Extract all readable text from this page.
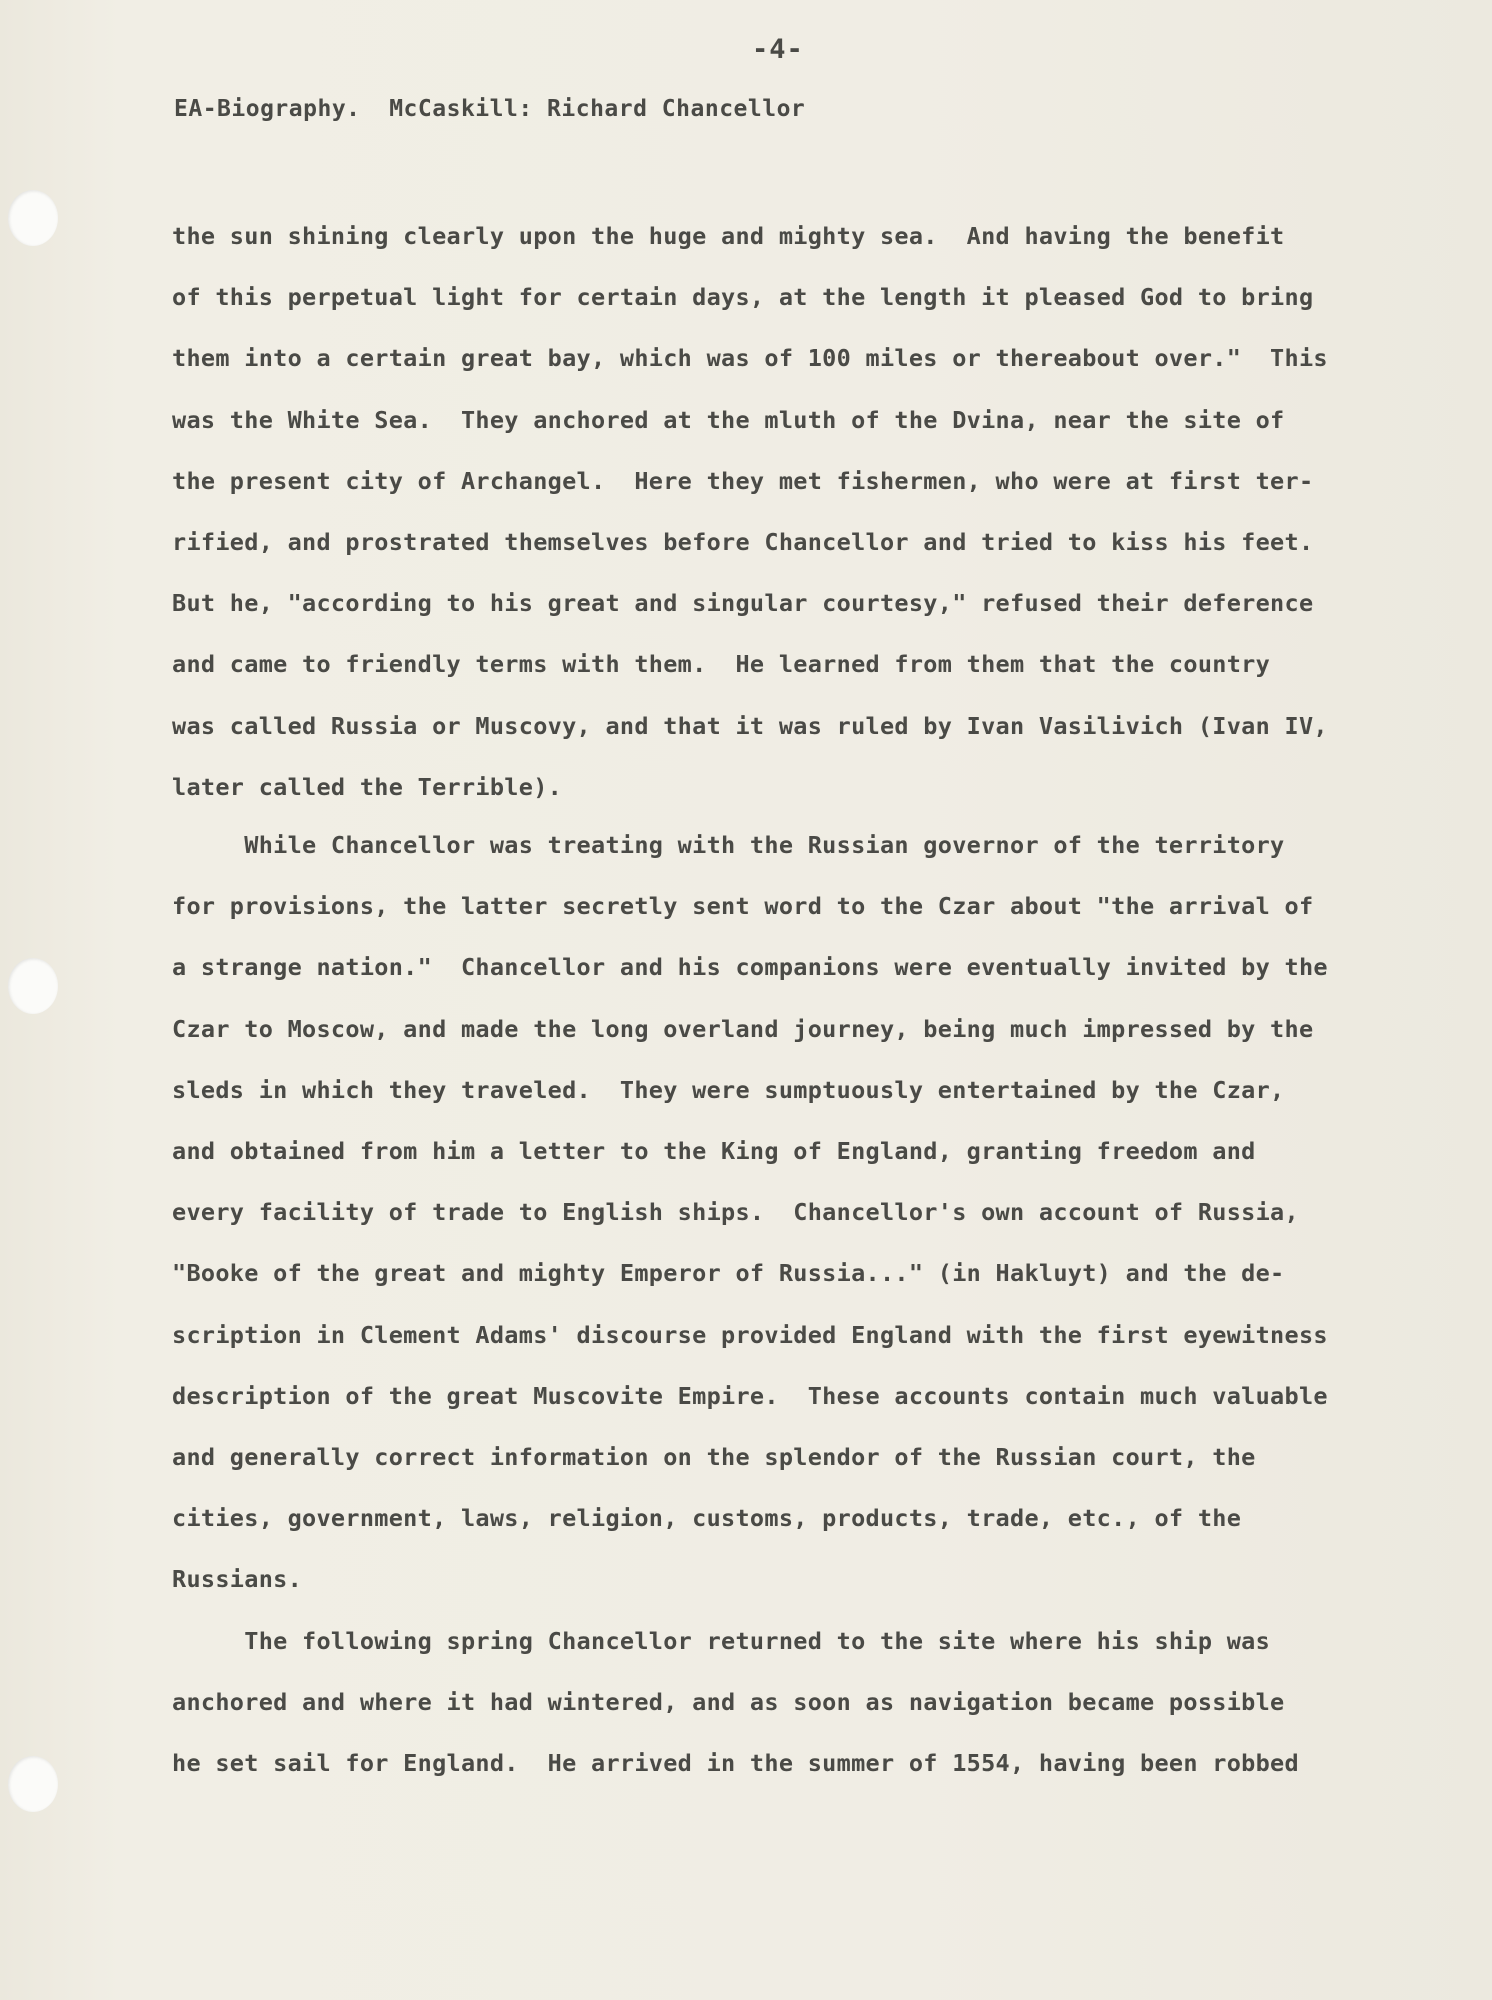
-4-
EA-Biography.  McCaskill: Richard Chancellor
the sun shining clearly upon the huge and mighty sea.  And having the benefit
of this perpetual light for certain days, at the length it pleased God to bring
them into a certain great bay, which was of 100 miles or thereabout over."  This
was the White Sea.  They anchored at the mluth of the Dvina, near the site of
the present city of Archangel.  Here they met fishermen, who were at first ter-
rified, and prostrated themselves before Chancellor and tried to kiss his feet.
But he, "according to his great and singular courtesy," refused their deference
and came to friendly terms with them.  He learned from them that the country
was called Russia or Muscovy, and that it was ruled by Ivan Vasilivich (Ivan IV,
later called the Terrible).
While Chancellor was treating with the Russian governor of the territory
for provisions, the latter secretly sent word to the Czar about "the arrival of
a strange nation."  Chancellor and his companions were eventually invited by the
Czar to Moscow, and made the long overland journey, being much impressed by the
sleds in which they traveled.  They were sumptuously entertained by the Czar,
and obtained from him a letter to the King of England, granting freedom and
every facility of trade to English ships.  Chancellor's own account of Russia,
"Booke of the great and mighty Emperor of Russia..." (in Hakluyt) and the de-
scription in Clement Adams' discourse provided England with the first eyewitness
description of the great Muscovite Empire.  These accounts contain much valuable
and generally correct information on the splendor of the Russian court, the
cities, government, laws, religion, customs, products, trade, etc., of the
Russians.
The following spring Chancellor returned to the site where his ship was
anchored and where it had wintered, and as soon as navigation became possible
he set sail for England.  He arrived in the summer of 1554, having been robbed
